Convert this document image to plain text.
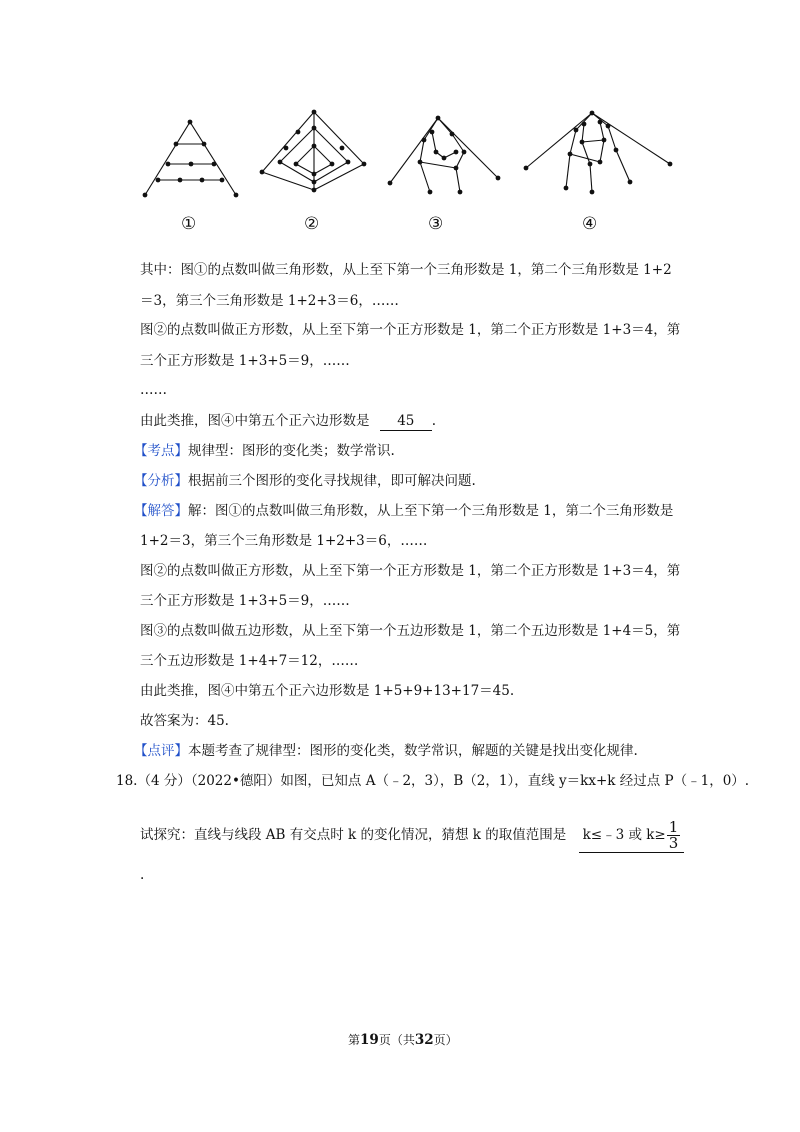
①	②	③	④
其中：图①的点数叫做三角形数，从上至下第一个三角形数是 1，第二个三角形数是 1+2
＝3，第三个三角形数是 1+2+3＝6，……
图②的点数叫做正方形数，从上至下第一个正方形数是 1，第二个正方形数是 1+3＝4，第
三个正方形数是 1+3+5＝9，……
……
由此类推，图④中第五个正六边形数是 45 .
【考点】规律型：图形的变化类；数学常识.
【分析】根据前三个图形的变化寻找规律，即可解决问题.
【解答】解：图①的点数叫做三角形数，从上至下第一个三角形数是 1，第二个三角形数是
1+2＝3，第三个三角形数是 1+2+3＝6，……
图②的点数叫做正方形数，从上至下第一个正方形数是 1，第二个正方形数是 1+3＝4，第
三个正方形数是 1+3+5＝9，……
图③的点数叫做五边形数，从上至下第一个五边形数是 1，第二个五边形数是 1+4＝5，第
三个五边形数是 1+4+7＝12，……
由此类推，图④中第五个正六边形数是 1+5+9+13+17＝45.
故答案为：45.
【点评】本题考查了规律型：图形的变化类，数学常识，解题的关键是找出变化规律.
18.（4 分）（2022•德阳）如图，已知点 A（﹣2，3），B（2，1），直线 y＝kx+k 经过点 P（﹣1，0）.
试探究：直线与线段 AB 有交点时 k 的变化情况，猜想 k 的取值范围是 k≤﹣3 或 $k\ge \frac{1}{3}$
.
第19页（共32页）
